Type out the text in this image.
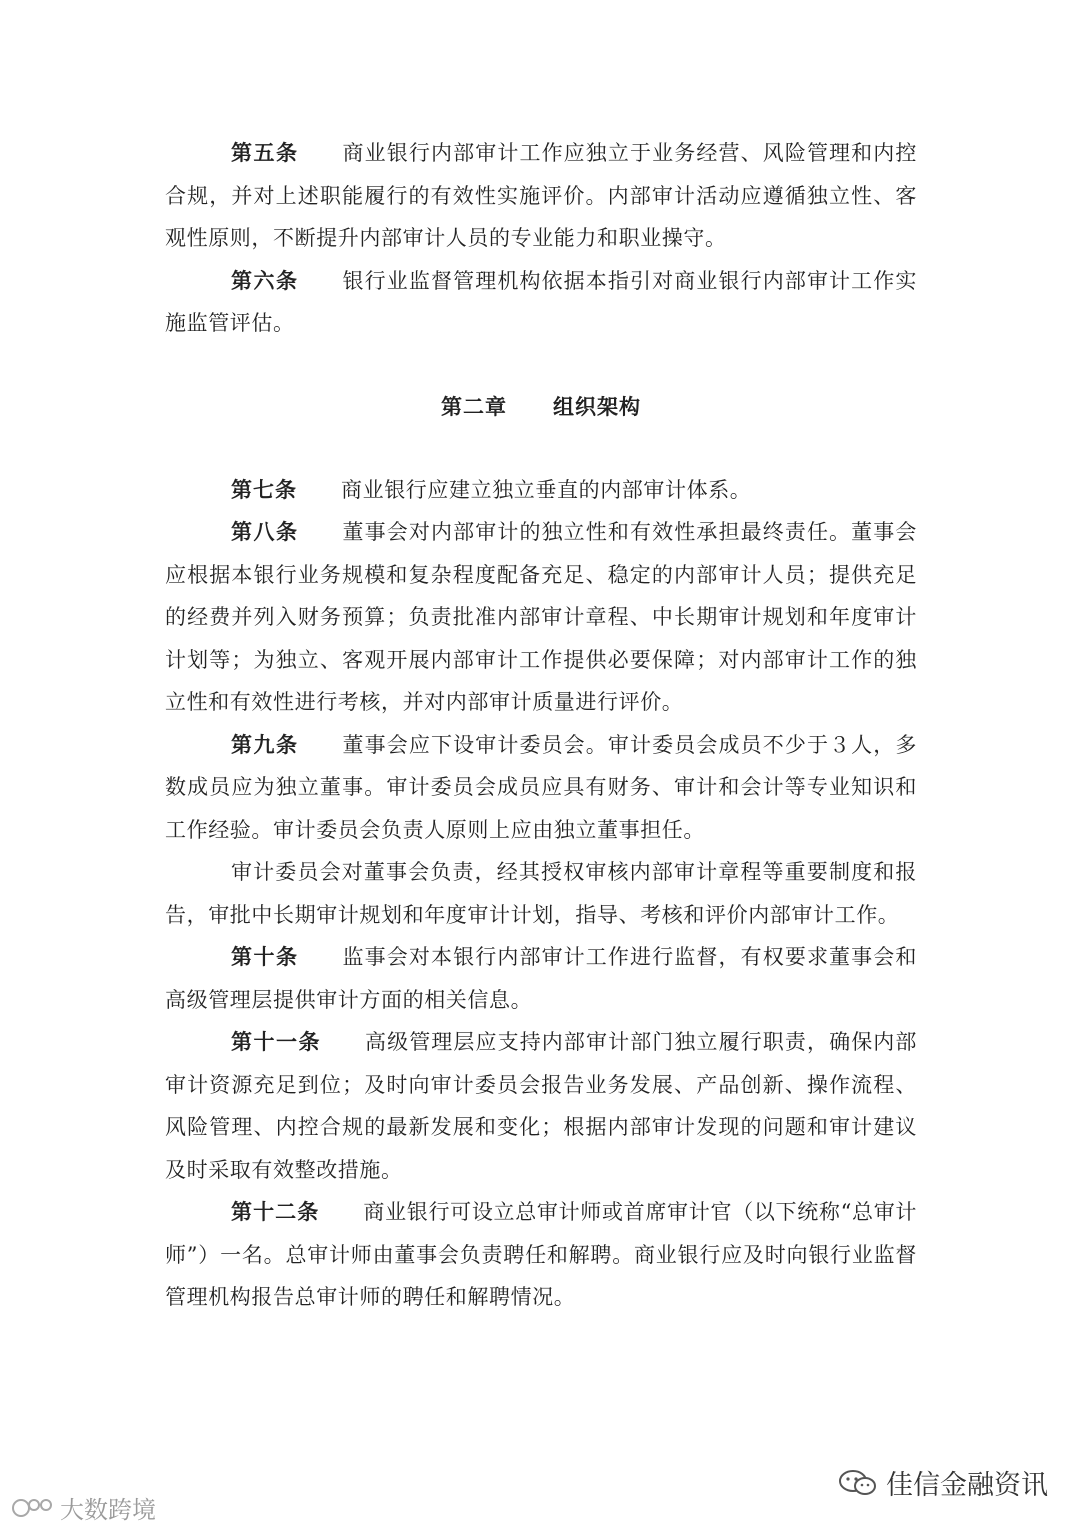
第五条 商业银行内部审计工作应独立于业务经营、风险管理和内控合规，并对上述职能履行的有效性实施评价。内部审计活动应遵循独立性、客观性原则，不断提升内部审计人员的专业能力和职业操守。

第六条 银行业监督管理机构依据本指引对商业银行内部审计工作实施监管评估。

第二章 组织架构

第七条 商业银行应建立独立垂直的内部审计体系。

第八条 董事会对内部审计的独立性和有效性承担最终责任。董事会应根据本银行业务规模和复杂程度配备充足、稳定的内部审计人员；提供充足的经费并列入财务预算；负责批准内部审计章程、中长期审计规划和年度审计计划等；为独立、客观开展内部审计工作提供必要保障；对内部审计工作的独立性和有效性进行考核，并对内部审计质量进行评价。

第九条 董事会应下设审计委员会。审计委员会成员不少于３人，多数成员应为独立董事。审计委员会成员应具有财务、审计和会计等专业知识和工作经验。审计委员会负责人原则上应由独立董事担任。

审计委员会对董事会负责，经其授权审核内部审计章程等重要制度和报告，审批中长期审计规划和年度审计计划，指导、考核和评价内部审计工作。

第十条 监事会对本银行内部审计工作进行监督，有权要求董事会和高级管理层提供审计方面的相关信息。

第十一条 高级管理层应支持内部审计部门独立履行职责，确保内部审计资源充足到位；及时向审计委员会报告业务发展、产品创新、操作流程、风险管理、内控合规的最新发展和变化；根据内部审计发现的问题和审计建议及时采取有效整改措施。

第十二条 商业银行可设立总审计师或首席审计官（以下统称“总审计师”）一名。总审计师由董事会负责聘任和解聘。商业银行应及时向银行业监督管理机构报告总审计师的聘任和解聘情况。

大数跨境
佳信金融资讯
